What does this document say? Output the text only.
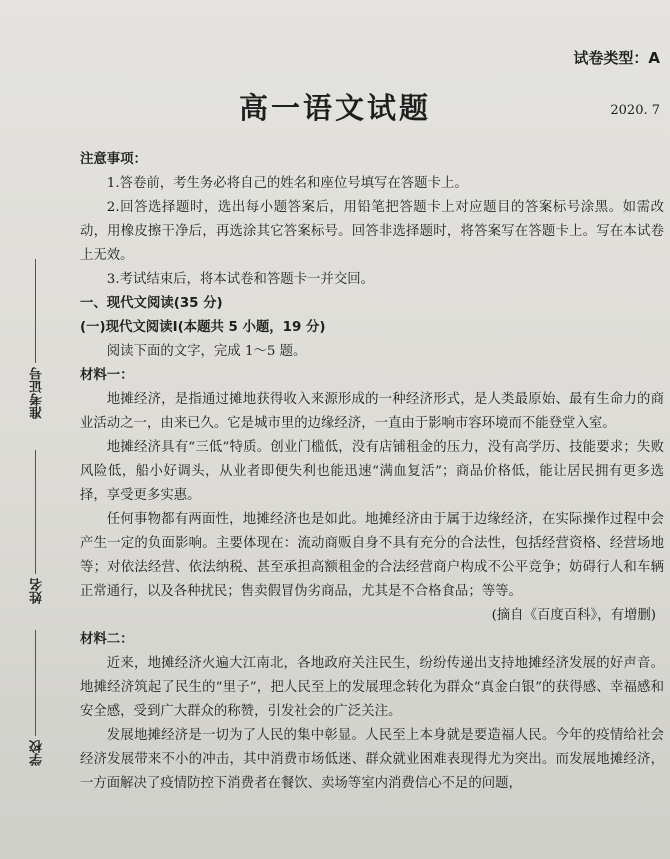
准考证号
姓名
学校
试卷类型：A
高一语文试题	2020. 7

注意事项：

1.答卷前，考生务必将自己的姓名和座位号填写在答题卡上。

2.回答选择题时，选出每小题答案后，用铅笔把答题卡上对应题目的答案标号涂黑。如需改动，用橡皮擦干净后，再选涂其它答案标号。回答非选择题时，将答案写在答题卡上。写在本试卷上无效。

3.考试结束后，将本试卷和答题卡一并交回。

一、现代文阅读(35 分)

(一)现代文阅读Ⅰ(本题共 5 小题，19 分)

阅读下面的文字，完成 1～5 题。

材料一：

地摊经济，是指通过摊地获得收入来源形成的一种经济形式，是人类最原始、最有生命力的商业活动之一，由来已久。它是城市里的边缘经济，一直由于影响市容环境而不能登堂入室。

地摊经济具有“三低”特质。创业门槛低，没有店铺租金的压力，没有高学历、技能要求；失败风险低，船小好调头，从业者即便失利也能迅速“满血复活”；商品价格低，能让居民拥有更多选择，享受更多实惠。

任何事物都有两面性，地摊经济也是如此。地摊经济由于属于边缘经济，在实际操作过程中会产生一定的负面影响。主要体现在：流动商贩自身不具有充分的合法性，包括经营资格、经营场地等；对依法经营、依法纳税、甚至承担高额租金的合法经营商户构成不公平竞争；妨碍行人和车辆正常通行，以及各种扰民；售卖假冒伪劣商品，尤其是不合格食品；等等。

(摘自《百度百科》，有增删)

材料二：

近来，地摊经济火遍大江南北，各地政府关注民生，纷纷传递出支持地摊经济发展的好声音。地摊经济筑起了民生的“里子”，把人民至上的发展理念转化为群众“真金白银”的获得感、幸福感和安全感，受到广大群众的称赞，引发社会的广泛关注。

发展地摊经济是一切为了人民的集中彰显。人民至上本身就是要造福人民。今年的疫情给社会经济发展带来不小的冲击，其中消费市场低迷、群众就业困难表现得尤为突出。而发展地摊经济，一方面解决了疫情防控下消费者在餐饮、卖场等室内消费信心不足的问题，
